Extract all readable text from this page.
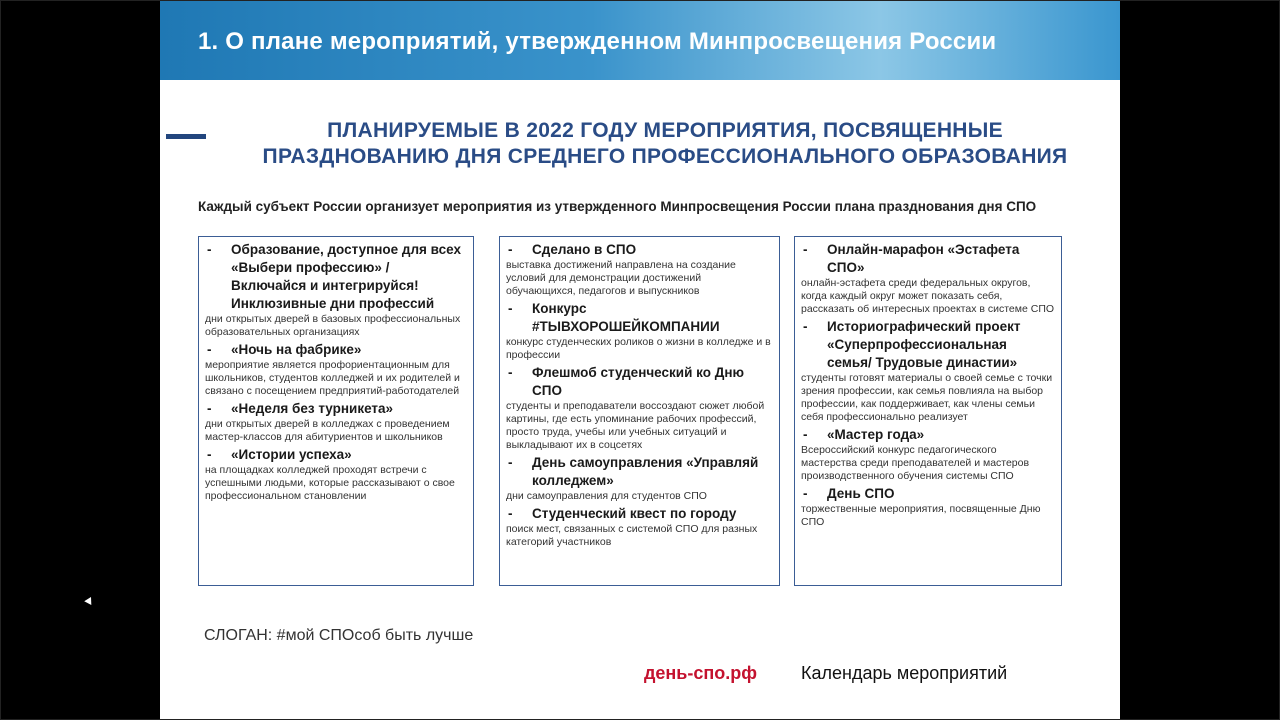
1. О плане мероприятий, утвержденном Минпросвещения России
ПЛАНИРУЕМЫЕ В 2022 ГОДУ МЕРОПРИЯТИЯ, ПОСВЯЩЕННЫЕ
ПРАЗДНОВАНИЮ ДНЯ СРЕДНЕГО ПРОФЕССИОНАЛЬНОГО ОБРАЗОВАНИЯ
Каждый субъект России организует мероприятия из утвержденного Минпросвещения России плана празднования дня СПО
-	Образование, доступное для всех «Выбери профессию» / Включайся и интегрируйся! Инклюзивные дни профессий
дни открытых дверей в базовых профессиональных образовательных организациях
-	«Ночь на фабрике»
мероприятие является профориентационным для школьников, студентов колледжей и их родителей и связано с посещением предприятий-работодателей
-	«Неделя без турникета»
дни открытых дверей в колледжах с проведением мастер-классов для абитуриентов и школьников
-	«Истории успеха»
на площадках колледжей проходят встречи с успешными людьми, которые рассказывают о свое профессиональном становлении
-	Сделано в СПО
выставка достижений направлена на создание условий для демонстрации достижений обучающихся, педагогов и выпускников
-	Конкурс #ТЫВХОРОШЕЙКОМПАНИИ
конкурс студенческих роликов о жизни в колледже и в профессии
-	Флешмоб студенческий ко Дню СПО
студенты и преподаватели воссоздают сюжет любой картины, где есть упоминание рабочих профессий, просто труда, учебы или учебных ситуаций и выкладывают их в соцсетях
-	День самоуправления «Управляй колледжем»
дни самоуправления для студентов СПО
-	Студенческий квест по городу
поиск мест, связанных с системой СПО для разных категорий участников
-	Онлайн-марафон «Эстафета СПО»
онлайн-эстафета среди федеральных округов, когда каждый округ может показать себя, рассказать об интересных проектах в системе СПО
-	Историографический проект «Суперпрофессиональная семья/ Трудовые династии»
студенты готовят материалы о своей семье с точки зрения профессии, как семья повлияла на выбор профессии, как поддерживает, как члены семьи себя профессионально реализует
-	«Мастер года»
Всероссийский конкурс педагогического мастерства среди преподавателей и мастеров производственного обучения системы СПО
-	День СПО
торжественные мероприятия, посвященные Дню СПО
СЛОГАН: #мой СПОсоб быть лучше
день-спо.рф Календарь мероприятий
